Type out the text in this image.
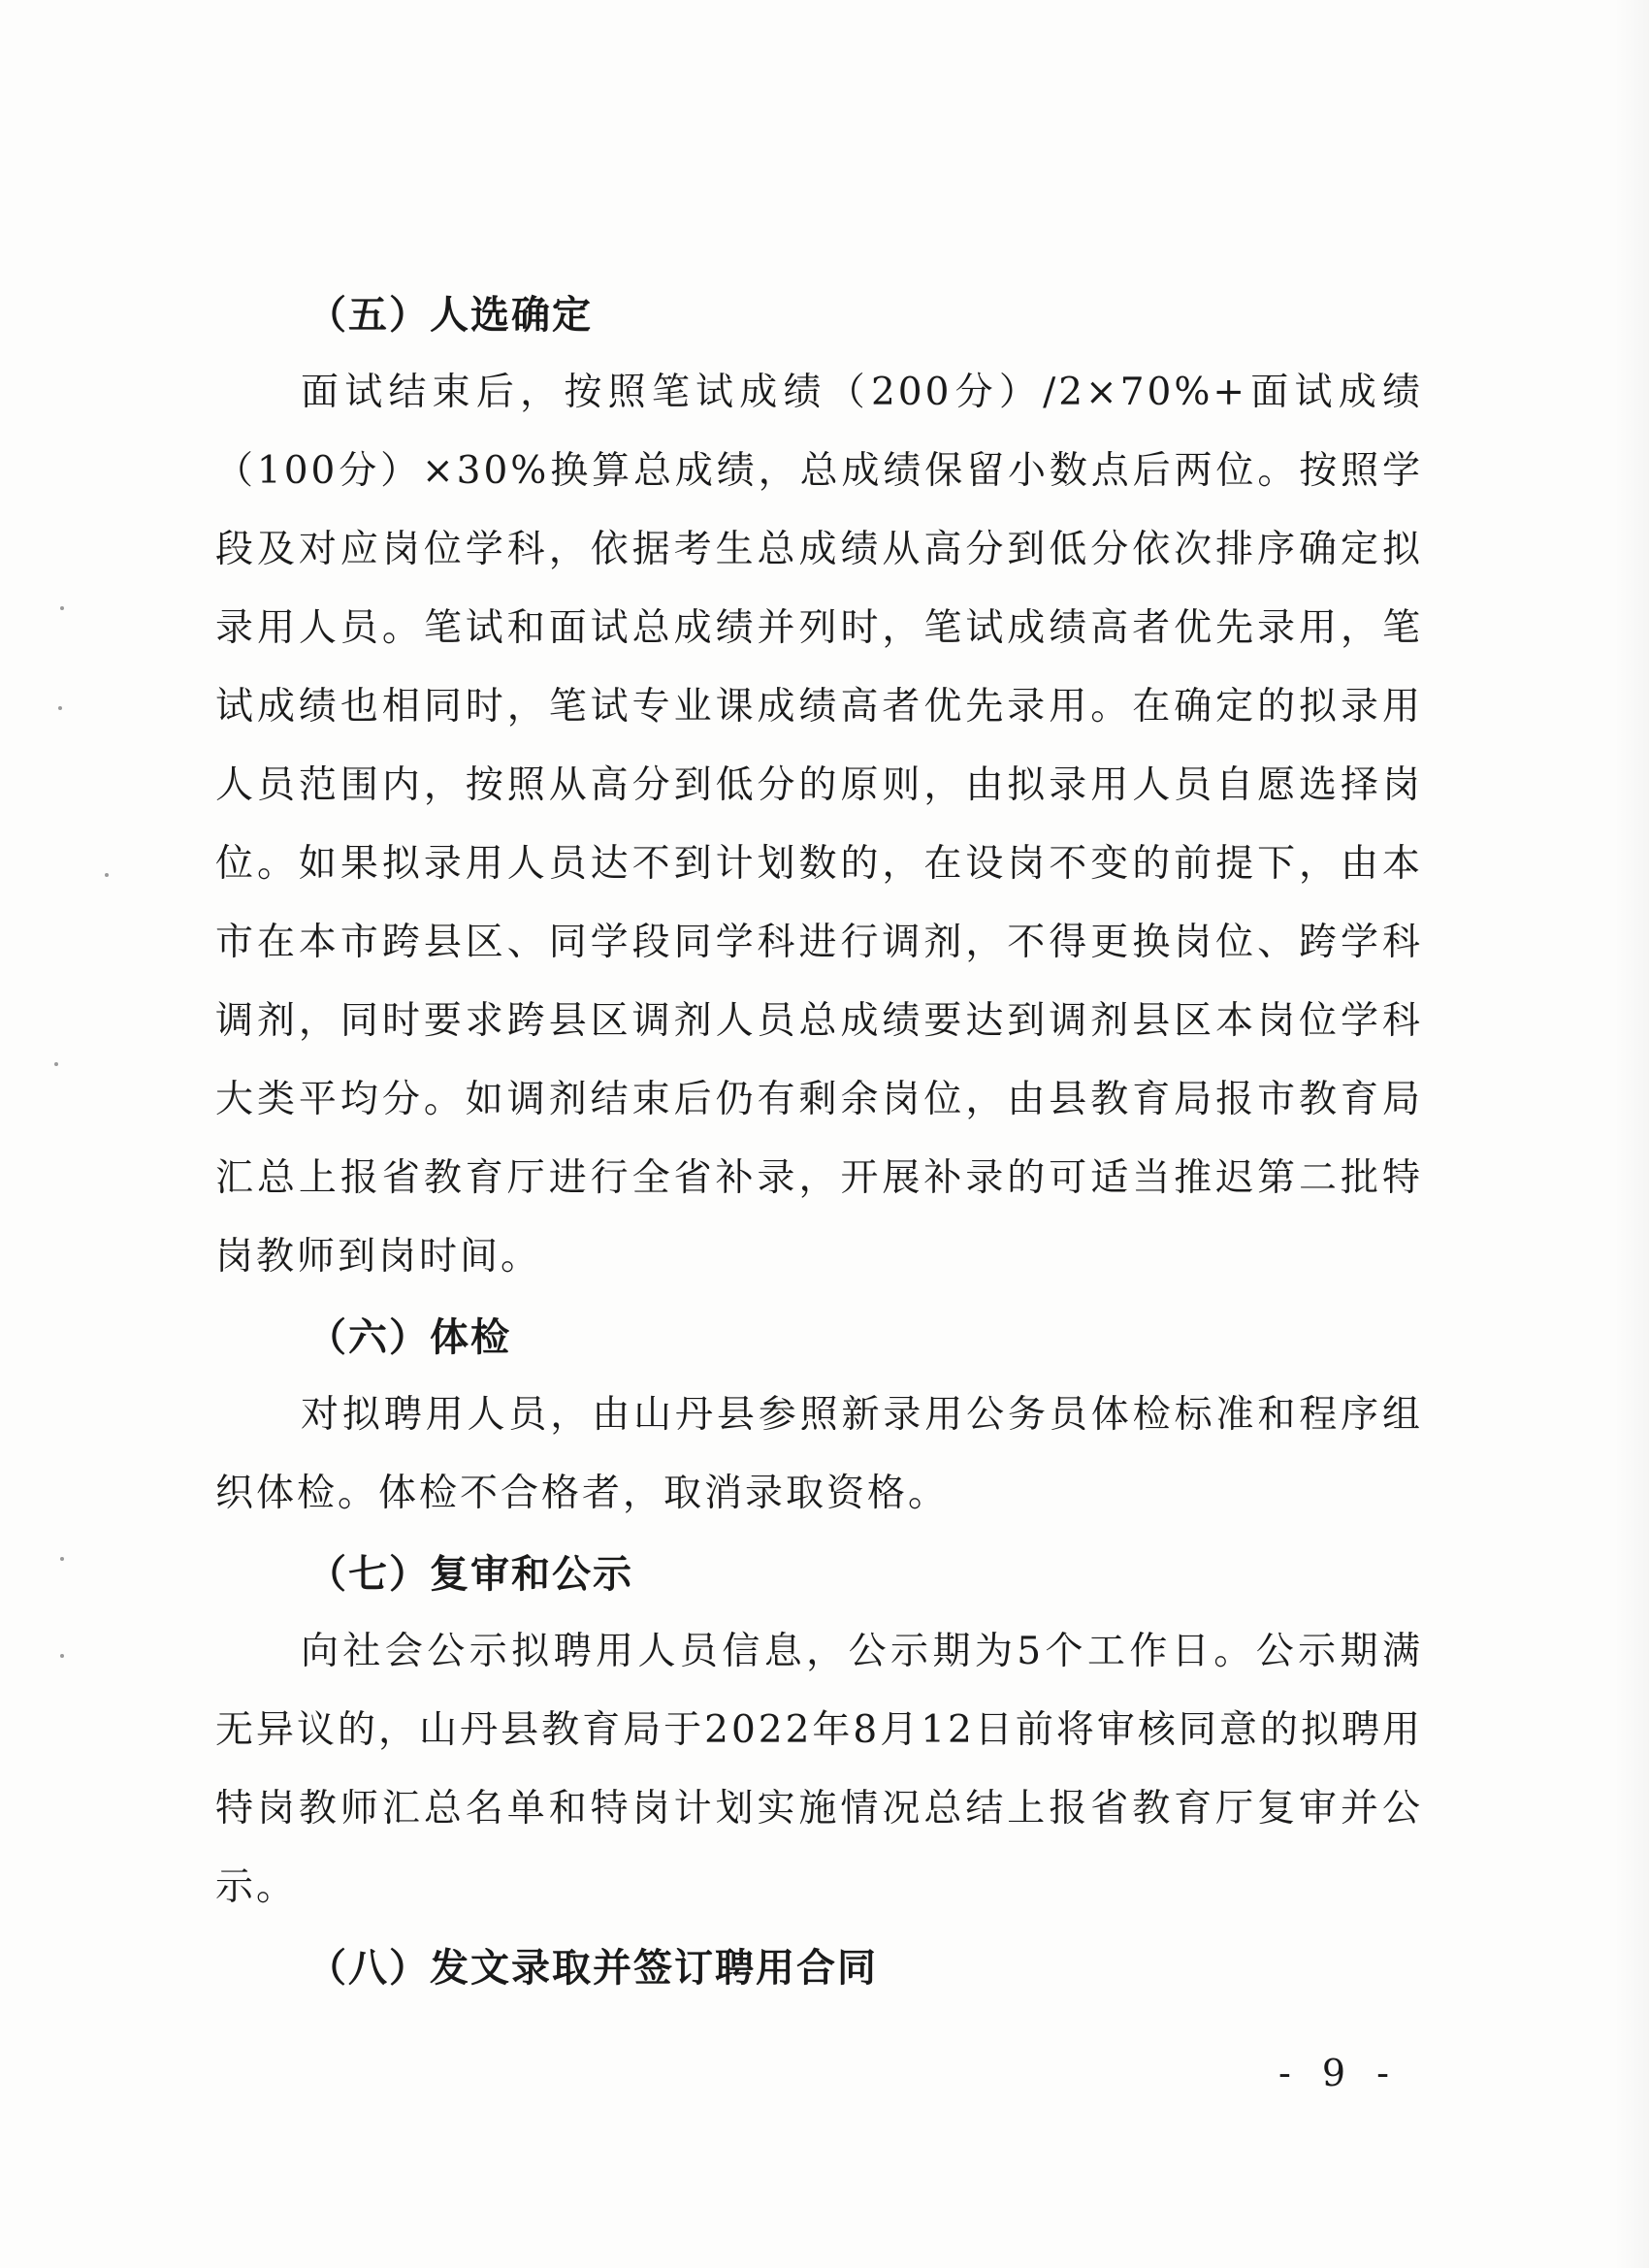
（五）人选确定

面试结束后，按照笔试成绩（200分）/2×70%+面试成绩（100分）×30%换算总成绩，总成绩保留小数点后两位。按照学段及对应岗位学科，依据考生总成绩从高分到低分依次排序确定拟录用人员。笔试和面试总成绩并列时，笔试成绩高者优先录用，笔试成绩也相同时，笔试专业课成绩高者优先录用。在确定的拟录用人员范围内，按照从高分到低分的原则，由拟录用人员自愿选择岗位。如果拟录用人员达不到计划数的，在设岗不变的前提下，由本市在本市跨县区、同学段同学科进行调剂，不得更换岗位、跨学科调剂，同时要求跨县区调剂人员总成绩要达到调剂县区本岗位学科大类平均分。如调剂结束后仍有剩余岗位，由县教育局报市教育局汇总上报省教育厅进行全省补录，开展补录的可适当推迟第二批特岗教师到岗时间。

（六）体检

对拟聘用人员，由山丹县参照新录用公务员体检标准和程序组织体检。体检不合格者，取消录取资格。

（七）复审和公示

向社会公示拟聘用人员信息，公示期为5个工作日。公示期满无异议的，山丹县教育局于2022年8月12日前将审核同意的拟聘用特岗教师汇总名单和特岗计划实施情况总结上报省教育厅复审并公示。

（八）发文录取并签订聘用合同
- 9 -
